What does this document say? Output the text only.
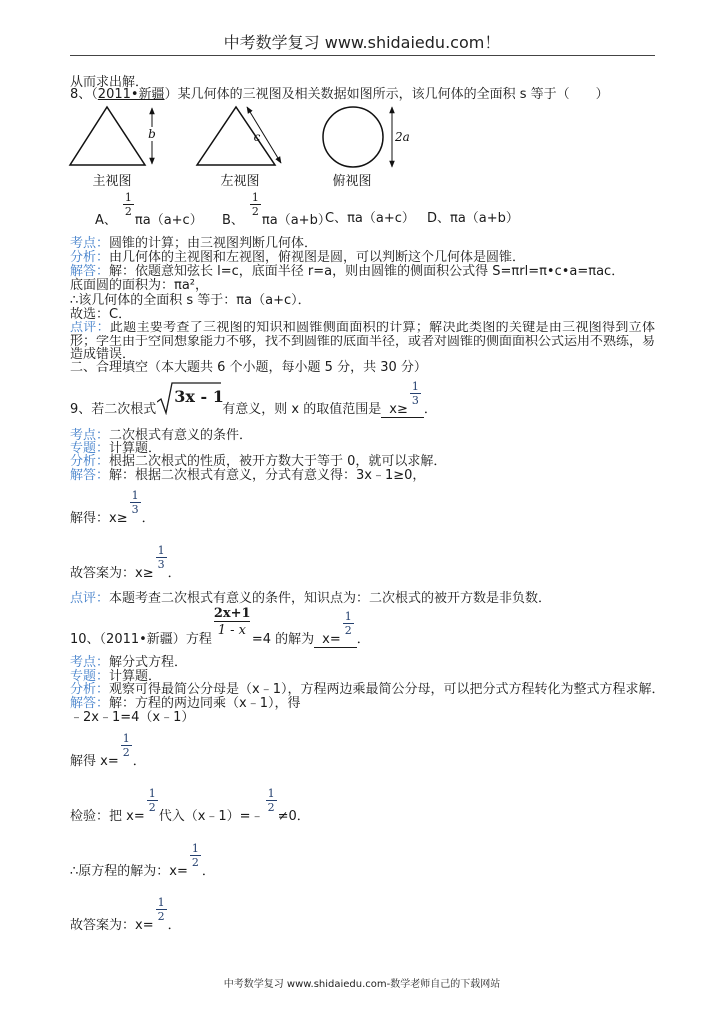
中考数学复习 www.shidaiedu.com！
从而求出解．
8、（2011•新疆）某几何体的三视图及相关数据如图所示，该几何体的全面积 s 等于（　　）
b
主视图
c
左视图
2a
俯视图
A、 $\frac{1}{2} \pi a(a+c)$ B、 $\frac{1}{2} \pi a(a+b)$
C、πa（a+c） D、πa（a+b）
考点：圆锥的计算；由三视图判断几何体．
分析：由几何体的主视图和左视图，俯视图是圆，可以判断这个几何体是圆锥．
解答：解：依题意知弦长 l=c，底面半径 r=a，则由圆锥的侧面积公式得 S=πrl=π•c•a=πac．
底面圆的面积为：πa²，
∴该几何体的全面积 s 等于：πa（a+c）．
故选：C．
点评：此题主要考查了三视图的知识和圆锥侧面面积的计算；解决此类图的关键是由三视图得到立体
形；学生由于空间想象能力不够，找不到圆锥的底面半径，或者对圆锥的侧面面积公式运用不熟练，易
造成错误．
二、合理填空（本大题共 6 个小题，每小题 5 分，共 30 分）
9、若二次根式
3x - 1
有意义，则 x 的取值范围是 $x\ge \frac{1}{3}$ ．
考点：二次根式有意义的条件．
专题：计算题．
分析：根据二次根式的性质，被开方数大于等于 0，就可以求解．
解答：解：根据二次根式有意义，分式有意义得：3x﹣1≥0，
解得：$x\ge \frac{1}{3}$ ．
故答案为：$x\ge \frac{1}{3}$ ．
点评：本题考查二次根式有意义的条件，知识点为：二次根式的被开方数是非负数．
10、（2011•新疆）方程 $\frac{2x+1}{1 - x} =4$ 的解为 $x= \frac{1}{2}$ ．
考点：解分式方程．
专题：计算题．
分析：观察可得最简公分母是（x﹣1），方程两边乘最简公分母，可以把分式方程转化为整式方程求解．
解答：解：方程的两边同乘（x﹣1），得
﹣2x﹣1=4（x﹣1）
解得 $x= \frac{1}{2}$ ．
检验：把 $x= \frac{1}{2}$ 代入（x﹣1）=﹣ $\frac{1}{2} \ne 0$．
∴原方程的解为：$x= \frac{1}{2}$ ．
故答案为：$x= \frac{1}{2}$ ．
中考数学复习 www.shidaiedu.com-数学老师自己的下载网站
